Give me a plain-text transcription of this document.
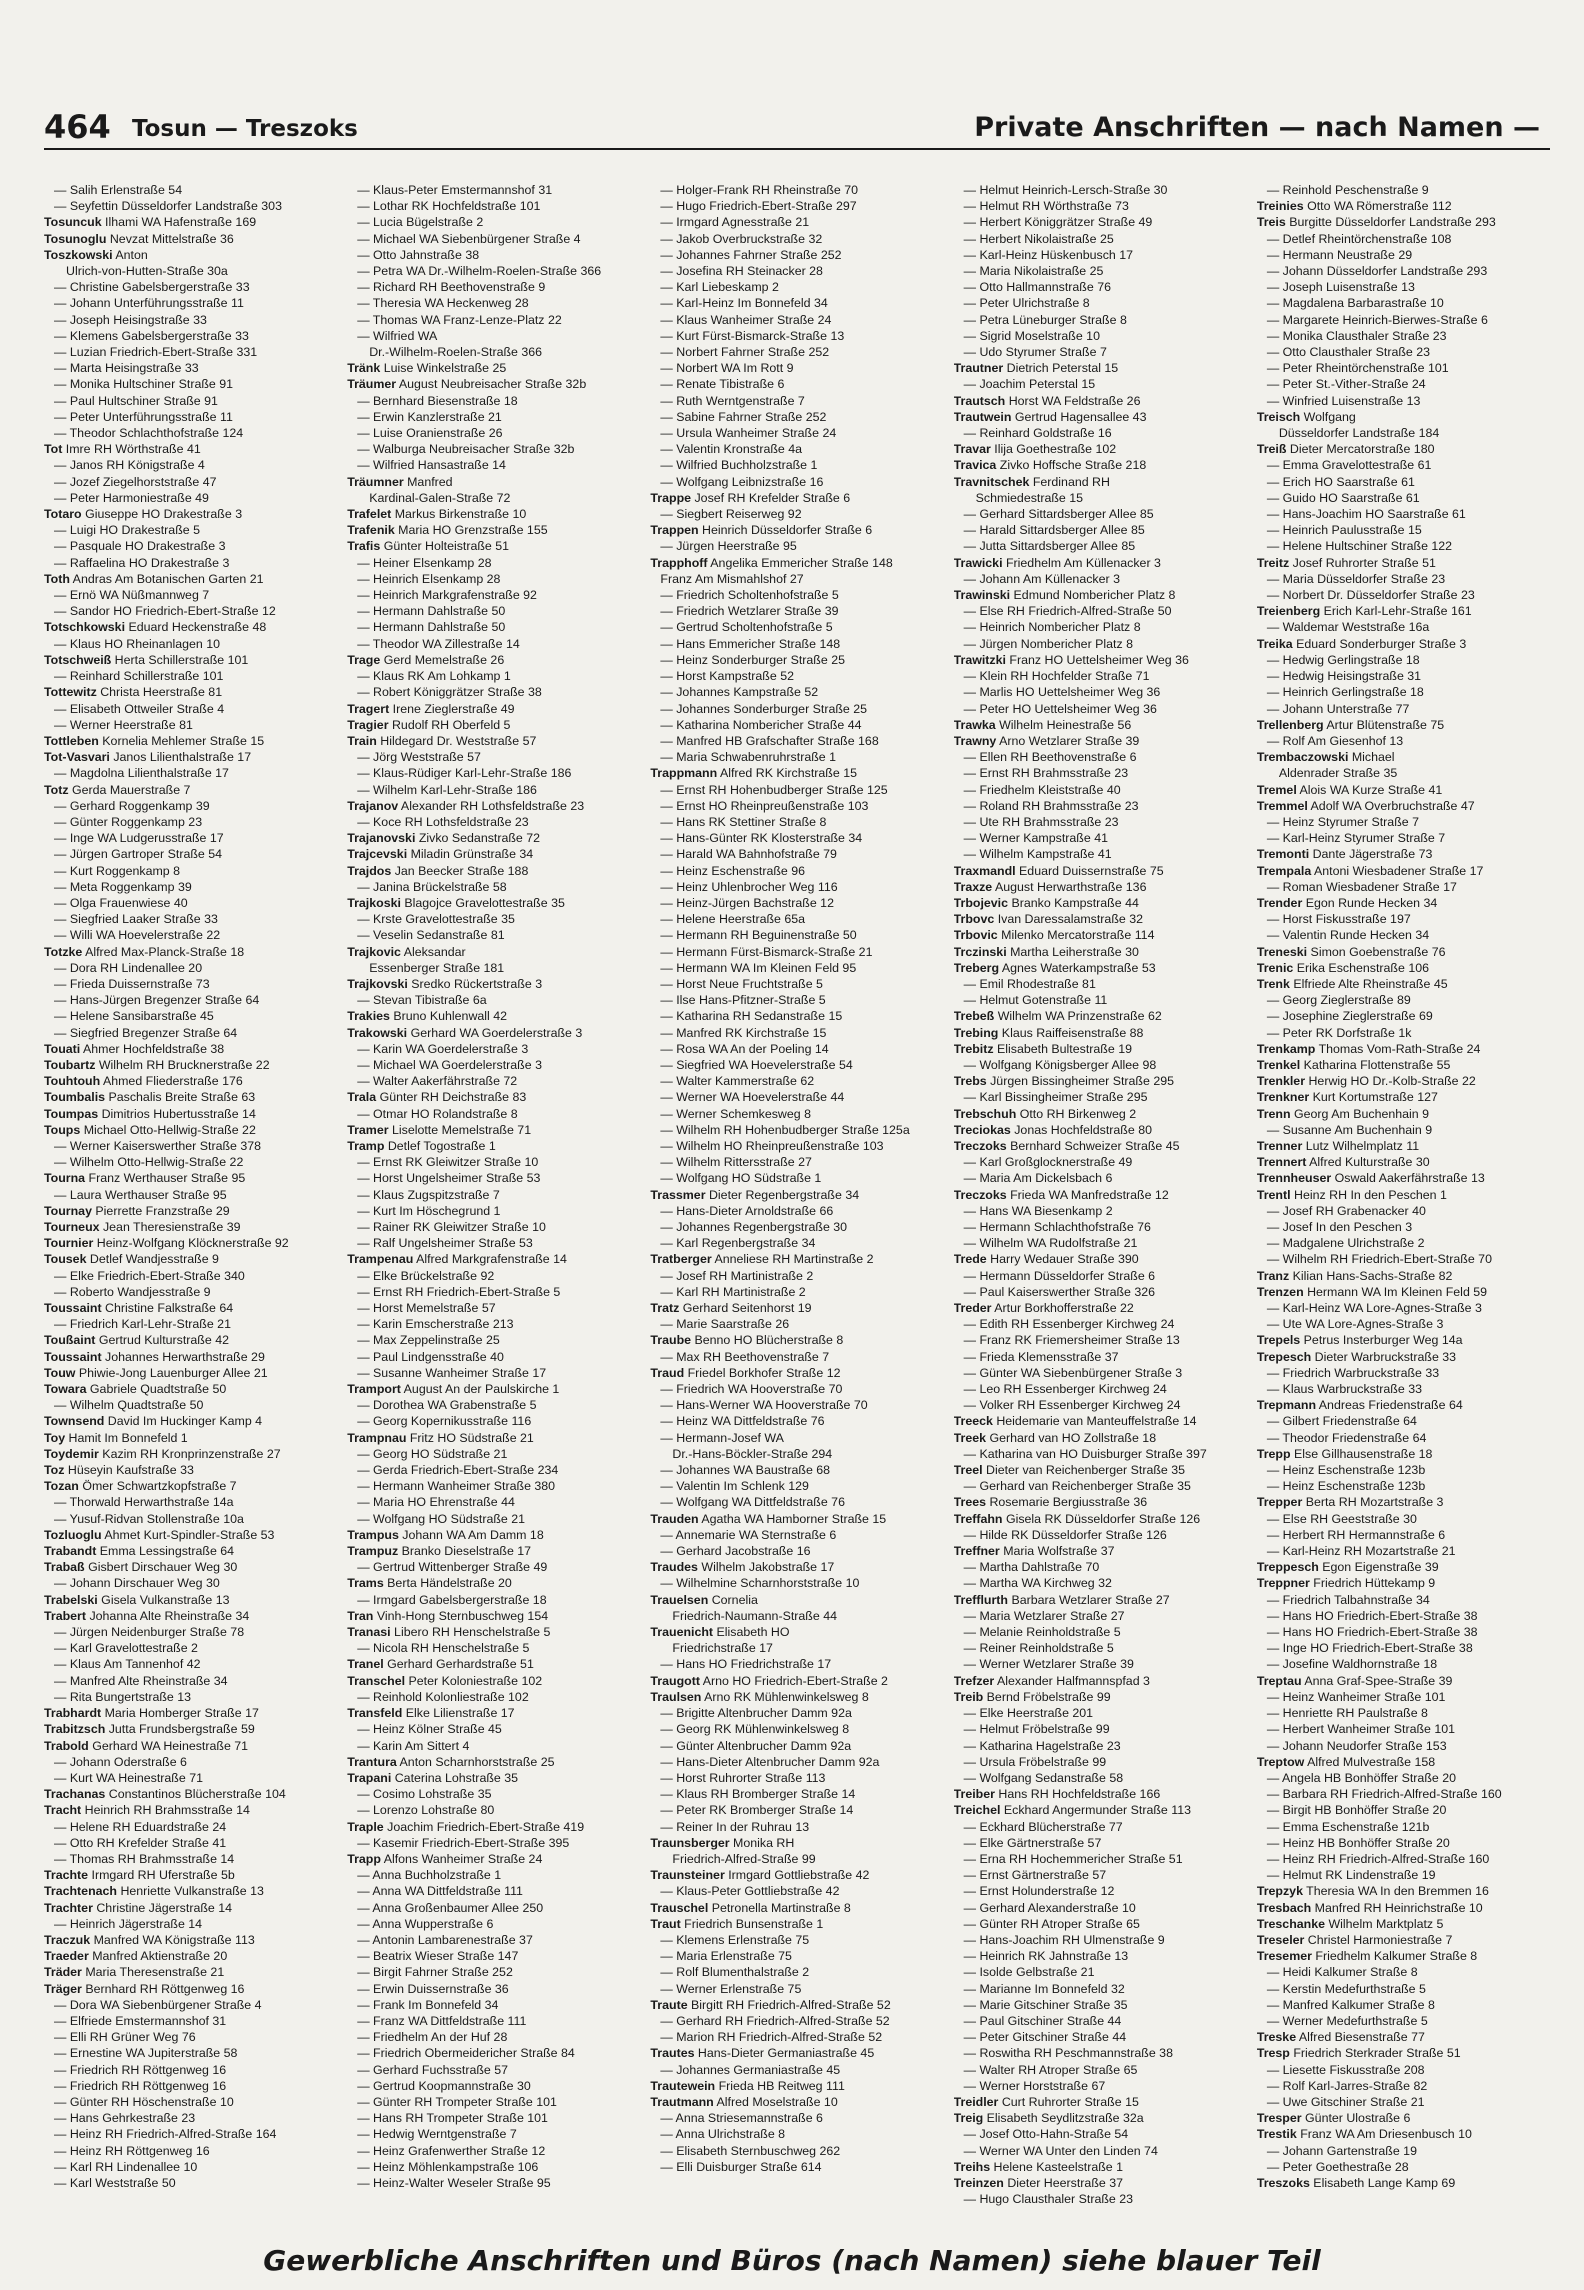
464 Tosun — Treszoks	Private Anschriften — nach Namen —

— Salih Erlenstraße 54

— Seyfettin Düsseldorfer Landstraße 303

Tosuncuk Ilhami WA Hafenstraße 169

Tosunoglu Nevzat Mittelstraße 36

Toszkowski Anton

Ulrich-von-Hutten-Straße 30a

— Christine Gabelsbergerstraße 33

— Johann Unterführungsstraße 11

— Joseph Heisingstraße 33

— Klemens Gabelsbergerstraße 33

— Luzian Friedrich-Ebert-Straße 331

— Marta Heisingstraße 33

— Monika Hultschiner Straße 91

— Paul Hultschiner Straße 91

— Peter Unterführungsstraße 11

— Theodor Schlachthofstraße 124

Tot Imre RH Wörthstraße 41

— Janos RH Königstraße 4

— Jozef Ziegelhorststraße 47

— Peter Harmoniestraße 49

Totaro Giuseppe HO Drakestraße 3

— Luigi HO Drakestraße 5

— Pasquale HO Drakestraße 3

— Raffaelina HO Drakestraße 3

Toth Andras Am Botanischen Garten 21

— Ernö WA Nüßmannweg 7

— Sandor HO Friedrich-Ebert-Straße 12

Totschkowski Eduard Heckenstraße 48

— Klaus HO Rheinanlagen 10

Totschweiß Herta Schillerstraße 101

— Reinhard Schillerstraße 101

Tottewitz Christa Heerstraße 81

— Elisabeth Ottweiler Straße 4

— Werner Heerstraße 81

Tottleben Kornelia Mehlemer Straße 15

Tot-Vasvari Janos Lilienthalstraße 17

— Magdolna Lilienthalstraße 17

Totz Gerda Mauerstraße 7

— Gerhard Roggenkamp 39

— Günter Roggenkamp 23

— Inge WA Ludgerusstraße 17

— Jürgen Gartroper Straße 54

— Kurt Roggenkamp 8

— Meta Roggenkamp 39

— Olga Frauenwiese 40

— Siegfried Laaker Straße 33

— Willi WA Hoevelerstraße 22

Totzke Alfred Max-Planck-Straße 18

— Dora RH Lindenallee 20

— Frieda Duissernstraße 73

— Hans-Jürgen Bregenzer Straße 64

— Helene Sansibarstraße 45

— Siegfried Bregenzer Straße 64

Touati Ahmer Hochfeldstraße 38

Toubartz Wilhelm RH Brucknerstraße 22

Touhtouh Ahmed Fliederstraße 176

Toumbalis Paschalis Breite Straße 63

Toumpas Dimitrios Hubertusstraße 14

Toups Michael Otto-Hellwig-Straße 22

— Werner Kaiserswerther Straße 378

— Wilhelm Otto-Hellwig-Straße 22

Tourna Franz Werthauser Straße 95

— Laura Werthauser Straße 95

Tournay Pierrette Franzstraße 29

Tourneux Jean Theresienstraße 39

Tournier Heinz-Wolfgang Klöcknerstraße 92

Tousek Detlef Wandjesstraße 9

— Elke Friedrich-Ebert-Straße 340

— Roberto Wandjesstraße 9

Toussaint Christine Falkstraße 64

— Friedrich Karl-Lehr-Straße 21

Toußaint Gertrud Kulturstraße 42

Toussaint Johannes Herwarthstraße 29

Touw Phiwie-Jong Lauenburger Allee 21

Towara Gabriele Quadtstraße 50

— Wilhelm Quadtstraße 50

Townsend David Im Huckinger Kamp 4

Toy Hamit Im Bonnefeld 1

Toydemir Kazim RH Kronprinzenstraße 27

Toz Hüseyin Kaufstraße 33

Tozan Ömer Schwartzkopfstraße 7

— Thorwald Herwarthstraße 14a

— Yusuf-Ridvan Stollenstraße 10a

Tozluoglu Ahmet Kurt-Spindler-Straße 53

Trabandt Emma Lessingstraße 64

Trabaß Gisbert Dirschauer Weg 30

— Johann Dirschauer Weg 30

Trabelski Gisela Vulkanstraße 13

Trabert Johanna Alte Rheinstraße 34

— Jürgen Neidenburger Straße 78

— Karl Gravelottestraße 2

— Klaus Am Tannenhof 42

— Manfred Alte Rheinstraße 34

— Rita Bungertstraße 13

Trabhardt Maria Homberger Straße 17

Trabitzsch Jutta Frundsbergstraße 59

Trabold Gerhard WA Heinestraße 71

— Johann Oderstraße 6

— Kurt WA Heinestraße 71

Trachanas Constantinos Blücherstraße 104

Tracht Heinrich RH Brahmsstraße 14

— Helene RH Eduardstraße 24

— Otto RH Krefelder Straße 41

— Thomas RH Brahmsstraße 14

Trachte Irmgard RH Uferstraße 5b

Trachtenach Henriette Vulkanstraße 13

Trachter Christine Jägerstraße 14

— Heinrich Jägerstraße 14

Traczuk Manfred WA Königstraße 113

Traeder Manfred Aktienstraße 20

Träder Maria Theresenstraße 21

Träger Bernhard RH Röttgenweg 16

— Dora WA Siebenbürgener Straße 4

— Elfriede Emstermannshof 31

— Elli RH Grüner Weg 76

— Ernestine WA Jupiterstraße 58

— Friedrich RH Röttgenweg 16

— Friedrich RH Röttgenweg 16

— Günter RH Höschenstraße 10

— Hans Gehrkestraße 23

— Heinz RH Friedrich-Alfred-Straße 164

— Heinz RH Röttgenweg 16

— Karl RH Lindenallee 10

— Karl Weststraße 50

— Klaus-Peter Emstermannshof 31

— Lothar RK Hochfeldstraße 101

— Lucia Bügelstraße 2

— Michael WA Siebenbürgener Straße 4

— Otto Jahnstraße 38

— Petra WA Dr.-Wilhelm-Roelen-Straße 366

— Richard RH Beethovenstraße 9

— Theresia WA Heckenweg 28

— Thomas WA Franz-Lenze-Platz 22

— Wilfried WA

Dr.-Wilhelm-Roelen-Straße 366

Tränk Luise Winkelstraße 25

Träumer August Neubreisacher Straße 32b

— Bernhard Biesenstraße 18

— Erwin Kanzlerstraße 21

— Luise Oranienstraße 26

— Walburga Neubreisacher Straße 32b

— Wilfried Hansastraße 14

Träumner Manfred

Kardinal-Galen-Straße 72

Trafelet Markus Birkenstraße 10

Trafenik Maria HO Grenzstraße 155

Trafis Günter Holteistraße 51

— Heiner Elsenkamp 28

— Heinrich Elsenkamp 28

— Heinrich Markgrafenstraße 92

— Hermann Dahlstraße 50

— Hermann Dahlstraße 50

— Theodor WA Zillestraße 14

Trage Gerd Memelstraße 26

— Klaus RK Am Lohkamp 1

— Robert Königgrätzer Straße 38

Tragert Irene Zieglerstraße 49

Tragier Rudolf RH Oberfeld 5

Train Hildegard Dr. Weststraße 57

— Jörg Weststraße 57

— Klaus-Rüdiger Karl-Lehr-Straße 186

— Wilhelm Karl-Lehr-Straße 186

Trajanov Alexander RH Lothsfeldstraße 23

— Koce RH Lothsfeldstraße 23

Trajanovski Zivko Sedanstraße 72

Trajcevski Miladin Grünstraße 34

Trajdos Jan Beecker Straße 188

— Janina Brückelstraße 58

Trajkoski Blagojce Gravelottestraße 35

— Krste Gravelottestraße 35

— Veselin Sedanstraße 81

Trajkovic Aleksandar

Essenberger Straße 181

Trajkovski Sredko Rückertstraße 3

— Stevan Tibistraße 6a

Trakies Bruno Kuhlenwall 42

Trakowski Gerhard WA Goerdelerstraße 3

— Karin WA Goerdelerstraße 3

— Michael WA Goerdelerstraße 3

— Walter Aakerfährstraße 72

Trala Günter RH Deichstraße 83

— Otmar HO Rolandstraße 8

Tramer Liselotte Memelstraße 71

Tramp Detlef Togostraße 1

— Ernst RK Gleiwitzer Straße 10

— Horst Ungelsheimer Straße 53

— Klaus Zugspitzstraße 7

— Kurt Im Höschegrund 1

— Rainer RK Gleiwitzer Straße 10

— Ralf Ungelsheimer Straße 53

Trampenau Alfred Markgrafenstraße 14

— Elke Brückelstraße 92

— Ernst RH Friedrich-Ebert-Straße 5

— Horst Memelstraße 57

— Karin Emscherstraße 213

— Max Zeppelinstraße 25

— Paul Lindgensstraße 40

— Susanne Wanheimer Straße 17

Tramport August An der Paulskirche 1

— Dorothea WA Grabenstraße 5

— Georg Kopernikusstraße 116

Trampnau Fritz HO Südstraße 21

— Georg HO Südstraße 21

— Gerda Friedrich-Ebert-Straße 234

— Hermann Wanheimer Straße 380

— Maria HO Ehrenstraße 44

— Wolfgang HO Südstraße 21

Trampus Johann WA Am Damm 18

Trampuz Branko Dieselstraße 17

— Gertrud Wittenberger Straße 49

Trams Berta Händelstraße 20

— Irmgard Gabelsbergerstraße 18

Tran Vinh-Hong Sternbuschweg 154

Tranasi Libero RH Henschelstraße 5

— Nicola RH Henschelstraße 5

Tranel Gerhard Gerhardstraße 51

Transchel Peter Koloniestraße 102

— Reinhold Kolonliestraße 102

Transfeld Elke Lilienstraße 17

— Heinz Kölner Straße 45

— Karin Am Sittert 4

Trantura Anton Scharnhorststraße 25

Trapani Caterina Lohstraße 35

— Cosimo Lohstraße 35

— Lorenzo Lohstraße 80

Traple Joachim Friedrich-Ebert-Straße 419

— Kasemir Friedrich-Ebert-Straße 395

Trapp Alfons Wanheimer Straße 24

— Anna Buchholzstraße 1

— Anna WA Dittfeldstraße 111

— Anna Großenbaumer Allee 250

— Anna Wupperstraße 6

— Antonin Lambarenestraße 37

— Beatrix Wieser Straße 147

— Birgit Fahrner Straße 252

— Erwin Duissernstraße 36

— Frank Im Bonnefeld 34

— Franz WA Dittfeldstraße 111

— Friedhelm An der Huf 28

— Friedrich Obermeidericher Straße 84

— Gerhard Fuchsstraße 57

— Gertrud Koopmannstraße 30

— Günter RH Trompeter Straße 101

— Hans RH Trompeter Straße 101

— Hedwig Werntgenstraße 7

— Heinz Grafenwerther Straße 12

— Heinz Möhlenkampstraße 106

— Heinz-Walter Weseler Straße 95

— Holger-Frank RH Rheinstraße 70

— Hugo Friedrich-Ebert-Straße 297

— Irmgard Agnesstraße 21

— Jakob Overbruckstraße 32

— Johannes Fahrner Straße 252

— Josefina RH Steinacker 28

— Karl Liebeskamp 2

— Karl-Heinz Im Bonnefeld 34

— Klaus Wanheimer Straße 24

— Kurt Fürst-Bismarck-Straße 13

— Norbert Fahrner Straße 252

— Norbert WA Im Rott 9

— Renate Tibistraße 6

— Ruth Werntgenstraße 7

— Sabine Fahrner Straße 252

— Ursula Wanheimer Straße 24

— Valentin Kronstraße 4a

— Wilfried Buchholzstraße 1

— Wolfgang Leibnizstraße 16

Trappe Josef RH Krefelder Straße 6

— Siegbert Reiserweg 92

Trappen Heinrich Düsseldorfer Straße 6

— Jürgen Heerstraße 95

Trapphoff Angelika Emmericher Straße 148

Franz Am Mismahlshof 27

— Friedrich Scholtenhofstraße 5

— Friedrich Wetzlarer Straße 39

— Gertrud Scholtenhofstraße 5

— Hans Emmericher Straße 148

— Heinz Sonderburger Straße 25

— Horst Kampstraße 52

— Johannes Kampstraße 52

— Johannes Sonderburger Straße 25

— Katharina Nombericher Straße 44

— Manfred HB Grafschafter Straße 168

— Maria Schwabenruhrstraße 1

Trappmann Alfred RK Kirchstraße 15

— Ernst RH Hohenbudberger Straße 125

— Ernst HO Rheinpreußenstraße 103

— Hans RK Stettiner Straße 8

— Hans-Günter RK Klosterstraße 34

— Harald WA Bahnhofstraße 79

— Heinz Eschenstraße 96

— Heinz Uhlenbrocher Weg 116

— Heinz-Jürgen Bachstraße 12

— Helene Heerstraße 65a

— Hermann RH Beguinenstraße 50

— Hermann Fürst-Bismarck-Straße 21

— Hermann WA Im Kleinen Feld 95

— Horst Neue Fruchtstraße 5

— Ilse Hans-Pfitzner-Straße 5

— Katharina RH Sedanstraße 15

— Manfred RK Kirchstraße 15

— Rosa WA An der Poeling 14

— Siegfried WA Hoevelerstraße 54

— Walter Kammerstraße 62

— Werner WA Hoevelerstraße 44

— Werner Schemkesweg 8

— Wilhelm RH Hohenbudberger Straße 125a

— Wilhelm HO Rheinpreußenstraße 103

— Wilhelm Rittersstraße 27

— Wolfgang HO Südstraße 1

Trassmer Dieter Regenbergstraße 34

— Hans-Dieter Arnoldstraße 66

— Johannes Regenbergstraße 30

— Karl Regenbergstraße 34

Tratberger Anneliese RH Martinstraße 2

— Josef RH Martinistraße 2

— Karl RH Martinistraße 2

Tratz Gerhard Seitenhorst 19

— Marie Saarstraße 26

Traube Benno HO Blücherstraße 8

— Max RH Beethovenstraße 7

Traud Friedel Borkhofer Straße 12

— Friedrich WA Hooverstraße 70

— Hans-Werner WA Hooverstraße 70

— Heinz WA Dittfeldstraße 76

— Hermann-Josef WA

Dr.-Hans-Böckler-Straße 294

— Johannes WA Baustraße 68

— Valentin Im Schlenk 129

— Wolfgang WA Dittfeldstraße 76

Trauden Agatha WA Hamborner Straße 15

— Annemarie WA Sternstraße 6

— Gerhard Jacobstraße 16

Traudes Wilhelm Jakobstraße 17

— Wilhelmine Scharnhorststraße 10

Trauelsen Cornelia

Friedrich-Naumann-Straße 44

Trauenicht Elisabeth HO

Friedrichstraße 17

— Hans HO Friedrichstraße 17

Traugott Arno HO Friedrich-Ebert-Straße 2

Traulsen Arno RK Mühlenwinkelsweg 8

— Brigitte Altenbrucher Damm 92a

— Georg RK Mühlenwinkelsweg 8

— Günter Altenbrucher Damm 92a

— Hans-Dieter Altenbrucher Damm 92a

— Horst Ruhrorter Straße 113

— Klaus RH Bromberger Straße 14

— Peter RK Bromberger Straße 14

— Reiner In der Ruhrau 13

Traunsberger Monika RH

Friedrich-Alfred-Straße 99

Traunsteiner Irmgard Gottliebstraße 42

— Klaus-Peter Gottliebstraße 42

Trauschel Petronella Martinstraße 8

Traut Friedrich Bunsenstraße 1

— Klemens Erlenstraße 75

— Maria Erlenstraße 75

— Rolf Blumenthalstraße 2

— Werner Erlenstraße 75

Traute Birgitt RH Friedrich-Alfred-Straße 52

— Gerhard RH Friedrich-Alfred-Straße 52

— Marion RH Friedrich-Alfred-Straße 52

Trautes Hans-Dieter Germaniastraße 45

— Johannes Germaniastraße 45

Trautewein Frieda HB Reitweg 111

Trautmann Alfred Moselstraße 10

— Anna Striesemannstraße 6

— Anna Ulrichstraße 8

— Elisabeth Sternbuschweg 262

— Elli Duisburger Straße 614

— Helmut Heinrich-Lersch-Straße 30

— Helmut RH Wörthstraße 73

— Herbert Königgrätzer Straße 49

— Herbert Nikolaistraße 25

— Karl-Heinz Hüskenbusch 17

— Maria Nikolaistraße 25

— Otto Hallmannstraße 76

— Peter Ulrichstraße 8

— Petra Lüneburger Straße 8

— Sigrid Moselstraße 10

— Udo Styrumer Straße 7

Trautner Dietrich Peterstal 15

— Joachim Peterstal 15

Trautsch Horst WA Feldstraße 26

Trautwein Gertrud Hagensallee 43

— Reinhard Goldstraße 16

Travar Ilija Goethestraße 102

Travica Zivko Hoffsche Straße 218

Travnitschek Ferdinand RH

Schmiedestraße 15

— Gerhard Sittardsberger Allee 85

— Harald Sittardsberger Allee 85

— Jutta Sittardsberger Allee 85

Trawicki Friedhelm Am Küllenacker 3

— Johann Am Küllenacker 3

Trawinski Edmund Nombericher Platz 8

— Else RH Friedrich-Alfred-Straße 50

— Heinrich Nombericher Platz 8

— Jürgen Nombericher Platz 8

Trawitzki Franz HO Uettelsheimer Weg 36

— Klein RH Hochfelder Straße 71

— Marlis HO Uettelsheimer Weg 36

— Peter HO Uettelsheimer Weg 36

Trawka Wilhelm Heinestraße 56

Trawny Arno Wetzlarer Straße 39

— Ellen RH Beethovenstraße 6

— Ernst RH Brahmsstraße 23

— Friedhelm Kleiststraße 40

— Roland RH Brahmsstraße 23

— Ute RH Brahmsstraße 23

— Werner Kampstraße 41

— Wilhelm Kampstraße 41

Traxmandl Eduard Duissernstraße 75

Traxze August Herwarthstraße 136

Trbojevic Branko Kampstraße 44

Trbovc Ivan Daressalamstraße 32

Trbovic Milenko Mercatorstraße 114

Trczinski Martha Leiherstraße 30

Treberg Agnes Waterkampstraße 53

— Emil Rhodestraße 81

— Helmut Gotenstraße 11

Trebeß Wilhelm WA Prinzenstraße 62

Trebing Klaus Raiffeisenstraße 88

Trebitz Elisabeth Bultestraße 19

— Wolfgang Königsberger Allee 98

Trebs Jürgen Bissingheimer Straße 295

— Karl Bissingheimer Straße 295

Trebschuh Otto RH Birkenweg 2

Treciokas Jonas Hochfeldstraße 80

Treczoks Bernhard Schweizer Straße 45

— Karl Großglocknerstraße 49

— Maria Am Dickelsbach 6

Treczoks Frieda WA Manfredstraße 12

— Hans WA Biesenkamp 2

— Hermann Schlachthofstraße 76

— Wilhelm WA Rudolfstraße 21

Trede Harry Wedauer Straße 390

— Hermann Düsseldorfer Straße 6

— Paul Kaiserswerther Straße 326

Treder Artur Borkhofferstraße 22

— Edith RH Essenberger Kirchweg 24

— Franz RK Friemersheimer Straße 13

— Frieda Klemensstraße 37

— Günter WA Siebenbürgener Straße 3

— Leo RH Essenberger Kirchweg 24

— Volker RH Essenberger Kirchweg 24

Treeck Heidemarie van Manteuffelstraße 14

Treek Gerhard van HO Zollstraße 18

— Katharina van HO Duisburger Straße 397

Treel Dieter van Reichenberger Straße 35

— Gerhard van Reichenberger Straße 35

Trees Rosemarie Bergiusstraße 36

Treffahn Gisela RK Düsseldorfer Straße 126

— Hilde RK Düsseldorfer Straße 126

Treffner Maria Wolfstraße 37

— Martha Dahlstraße 70

— Martha WA Kirchweg 32

Trefflurth Barbara Wetzlarer Straße 27

— Maria Wetzlarer Straße 27

— Melanie Reinholdstraße 5

— Reiner Reinholdstraße 5

— Werner Wetzlarer Straße 39

Trefzer Alexander Halfmannspfad 3

Treib Bernd Fröbelstraße 99

— Elke Heerstraße 201

— Helmut Fröbelstraße 99

— Katharina Hagelstraße 23

— Ursula Fröbelstraße 99

— Wolfgang Sedanstraße 58

Treiber Hans RH Hochfeldstraße 166

Treichel Eckhard Angermunder Straße 113

— Eckhard Blücherstraße 77

— Elke Gärtnerstraße 57

— Erna RH Hochemmericher Straße 51

— Ernst Gärtnerstraße 57

— Ernst Holunderstraße 12

— Gerhard Alexanderstraße 10

— Günter RH Atroper Straße 65

— Hans-Joachim RH Ulmenstraße 9

— Heinrich RK Jahnstraße 13

— Isolde Gelbstraße 21

— Marianne Im Bonnefeld 32

— Marie Gitschiner Straße 35

— Paul Gitschiner Straße 44

— Peter Gitschiner Straße 44

— Roswitha RH Peschmannstraße 38

— Walter RH Atroper Straße 65

— Werner Horststraße 67

Treidler Curt Ruhrorter Straße 15

Treig Elisabeth Seydlitzstraße 32a

— Josef Otto-Hahn-Straße 54

— Werner WA Unter den Linden 74

Treihs Helene Kasteelstraße 1

Treinzen Dieter Heerstraße 37

— Hugo Clausthaler Straße 23

— Reinhold Peschenstraße 9

Treinies Otto WA Römerstraße 112

Treis Burgitte Düsseldorfer Landstraße 293

— Detlef Rheintörchenstraße 108

— Hermann Neustraße 29

— Johann Düsseldorfer Landstraße 293

— Joseph Luisenstraße 13

— Magdalena Barbarastraße 10

— Margarete Heinrich-Bierwes-Straße 6

— Monika Clausthaler Straße 23

— Otto Clausthaler Straße 23

— Peter Rheintörchenstraße 101

— Peter St.-Vither-Straße 24

— Winfried Luisenstraße 13

Treisch Wolfgang

Düsseldorfer Landstraße 184

Treiß Dieter Mercatorstraße 180

— Emma Gravelottestraße 61

— Erich HO Saarstraße 61

— Guido HO Saarstraße 61

— Hans-Joachim HO Saarstraße 61

— Heinrich Paulusstraße 15

— Helene Hultschiner Straße 122

Treitz Josef Ruhrorter Straße 51

— Maria Düsseldorfer Straße 23

— Norbert Dr. Düsseldorfer Straße 23

Treienberg Erich Karl-Lehr-Straße 161

— Waldemar Weststraße 16a

Treika Eduard Sonderburger Straße 3

— Hedwig Gerlingstraße 18

— Hedwig Heisingstraße 31

— Heinrich Gerlingstraße 18

— Johann Unterstraße 77

Trellenberg Artur Blütenstraße 75

— Rolf Am Giesenhof 13

Trembaczowski Michael

Aldenrader Straße 35

Tremel Alois WA Kurze Straße 41

Tremmel Adolf WA Overbruchstraße 47

— Heinz Styrumer Straße 7

— Karl-Heinz Styrumer Straße 7

Tremonti Dante Jägerstraße 73

Trempala Antoni Wiesbadener Straße 17

— Roman Wiesbadener Straße 17

Trender Egon Runde Hecken 34

— Horst Fiskusstraße 197

— Valentin Runde Hecken 34

Treneski Simon Goebenstraße 76

Trenic Erika Eschenstraße 106

Trenk Elfriede Alte Rheinstraße 45

— Georg Zieglerstraße 89

— Josephine Zieglerstraße 69

— Peter RK Dorfstraße 1k

Trenkamp Thomas Vom-Rath-Straße 24

Trenkel Katharina Flottenstraße 55

Trenkler Herwig HO Dr.-Kolb-Straße 22

Trenkner Kurt Kortumstraße 127

Trenn Georg Am Buchenhain 9

— Susanne Am Buchenhain 9

Trenner Lutz Wilhelmplatz 11

Trennert Alfred Kulturstraße 30

Trennheuser Oswald Aakerfährstraße 13

Trentl Heinz RH In den Peschen 1

— Josef RH Grabenacker 40

— Josef In den Peschen 3

— Madgalene Ulrichstraße 2

— Wilhelm RH Friedrich-Ebert-Straße 70

Tranz Kilian Hans-Sachs-Straße 82

Trenzen Hermann WA Im Kleinen Feld 59

— Karl-Heinz WA Lore-Agnes-Straße 3

— Ute WA Lore-Agnes-Straße 3

Trepels Petrus Insterburger Weg 14a

Trepesch Dieter Warbruckstraße 33

— Friedrich Warbruckstraße 33

— Klaus Warbruckstraße 33

Trepmann Andreas Friedenstraße 64

— Gilbert Friedenstraße 64

— Theodor Friedenstraße 64

Trepp Else Gillhausenstraße 18

— Heinz Eschenstraße 123b

— Heinz Eschenstraße 123b

Trepper Berta RH Mozartstraße 3

— Else RH Geeststraße 30

— Herbert RH Hermannstraße 6

— Karl-Heinz RH Mozartstraße 21

Treppesch Egon Eigenstraße 39

Treppner Friedrich Hüttekamp 9

— Friedrich Talbahnstraße 34

— Hans HO Friedrich-Ebert-Straße 38

— Hans HO Friedrich-Ebert-Straße 38

— Inge HO Friedrich-Ebert-Straße 38

— Josefine Waldhornstraße 18

Treptau Anna Graf-Spee-Straße 39

— Heinz Wanheimer Straße 101

— Henriette RH Paulstraße 8

— Herbert Wanheimer Straße 101

— Johann Neudorfer Straße 153

Treptow Alfred Mulvestraße 158

— Angela HB Bonhöffer Straße 20

— Barbara RH Friedrich-Alfred-Straße 160

— Birgit HB Bonhöffer Straße 20

— Emma Eschenstraße 121b

— Heinz HB Bonhöffer Straße 20

— Heinz RH Friedrich-Alfred-Straße 160

— Helmut RK Lindenstraße 19

Trepzyk Theresia WA In den Bremmen 16

Tresbach Manfred RH Heinrichstraße 10

Treschanke Wilhelm Marktplatz 5

Treseler Christel Harmoniestraße 7

Tresemer Friedhelm Kalkumer Straße 8

— Heidi Kalkumer Straße 8

— Kerstin Medefurthstraße 5

— Manfred Kalkumer Straße 8

— Werner Medefurthstraße 5

Treske Alfred Biesenstraße 77

Tresp Friedrich Sterkrader Straße 51

— Liesette Fiskusstraße 208

— Rolf Karl-Jarres-Straße 82

— Uwe Gitschiner Straße 21

Tresper Günter Ulostraße 6

Trestik Franz WA Am Driesenbusch 10

— Johann Gartenstraße 19

— Peter Goethestraße 28

Treszoks Elisabeth Lange Kamp 69

Gewerbliche Anschriften und Büros (nach Namen) siehe blauer Teil
